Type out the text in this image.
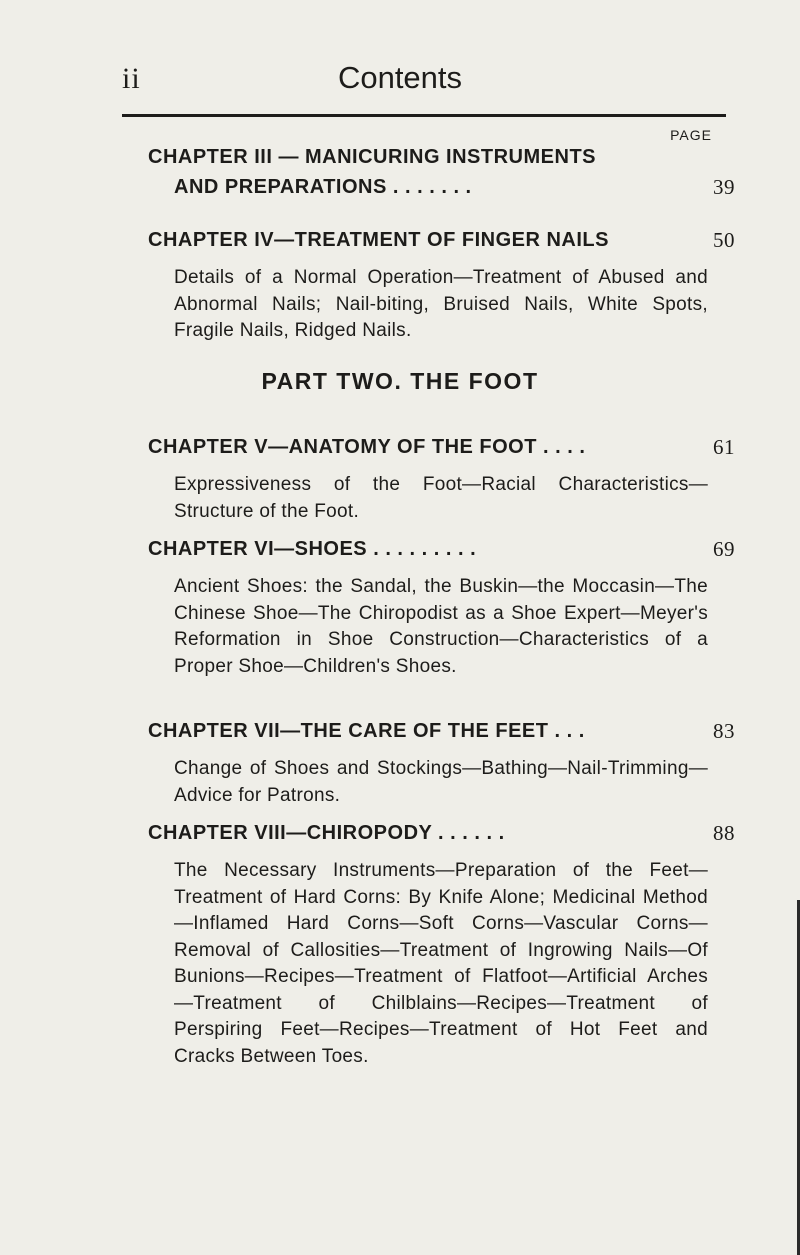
ii	Contents
PAGE
CHAPTER III — MANICURING INSTRUMENTS
AND PREPARATIONS . . . . . . .	39
CHAPTER IV—TREATMENT OF FINGER NAILS	50
Details of a Normal Operation—Treatment of Abused and Abnormal Nails; Nail-biting, Bruised Nails, White Spots, Fragile Nails, Ridged Nails.
PART TWO. THE FOOT
CHAPTER V—ANATOMY OF THE FOOT . . . .	61
Expressiveness of the Foot—Racial Characteristics—Structure of the Foot.
CHAPTER VI—SHOES . . . . . . . . .	69
Ancient Shoes: the Sandal, the Buskin—the Moccasin—The Chinese Shoe—The Chiropodist as a Shoe Expert—Meyer's Reformation in Shoe Construction—Characteristics of a Proper Shoe—Children's Shoes.
CHAPTER VII—THE CARE OF THE FEET . . .	83
Change of Shoes and Stockings—Bathing—Nail-Trimming—Advice for Patrons.
CHAPTER VIII—CHIROPODY . . . . . .	88
The Necessary Instruments—Preparation of the Feet—Treatment of Hard Corns: By Knife Alone; Medicinal Method—Inflamed Hard Corns—Soft Corns—Vascular Corns—Removal of Callosities—Treatment of Ingrowing Nails—Of Bunions—Recipes—Treatment of Flatfoot—Artificial Arches—Treatment of Chilblains—Recipes—Treatment of Perspiring Feet—Recipes—Treatment of Hot Feet and Cracks Between Toes.
